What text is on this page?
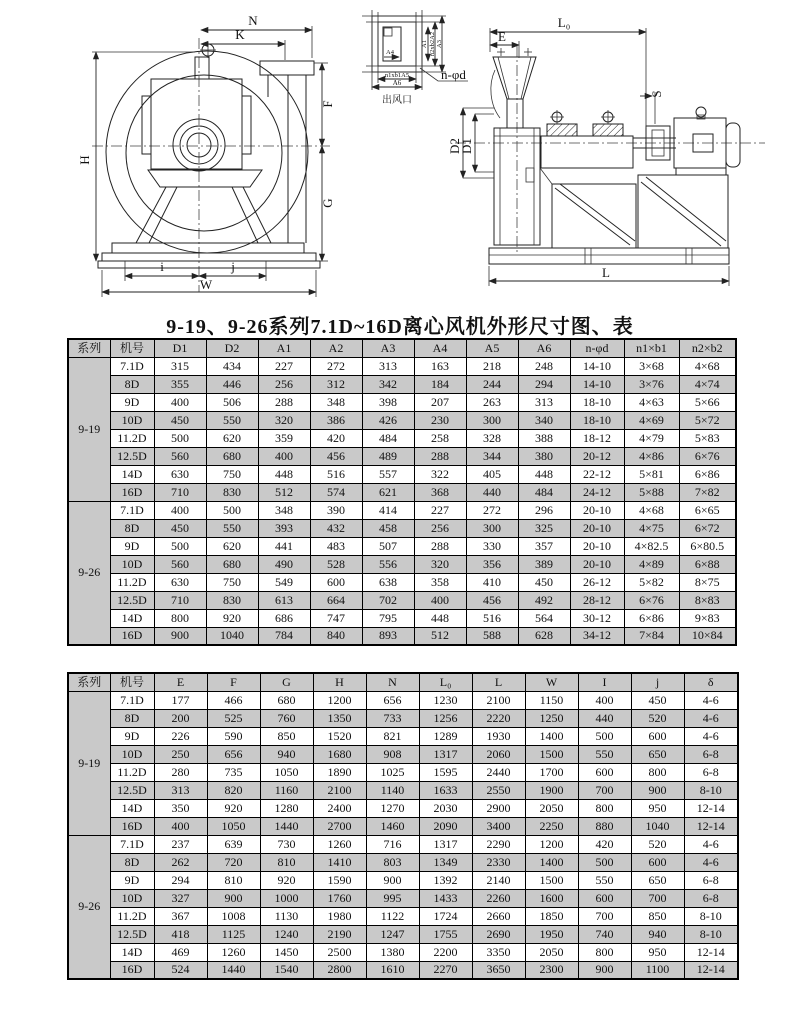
N
K
H
F
G
i	j
W
A1 n2xb2A2 A3
A4
n1xb1A5
A6
n-φd
出风口
L₀
E
S
D2
D1
L
9-19、9-26系列7.1D~16D离心风机外形尺寸图、表
系列	机号	D1	D2	A1	A2	A3	A4	A5	A6	n-φd	n1×b1	n2×b2
9-19	7.1D	315	434	227	272	313	163	218	248	14-10	3×68	4×68
	8D	355	446	256	312	342	184	244	294	14-10	3×76	4×74
	9D	400	506	288	348	398	207	263	313	18-10	4×63	5×66
	10D	450	550	320	386	426	230	300	340	18-10	4×69	5×72
	11.2D	500	620	359	420	484	258	328	388	18-12	4×79	5×83
	12.5D	560	680	400	456	489	288	344	380	20-12	4×86	6×76
	14D	630	750	448	516	557	322	405	448	22-12	5×81	6×86
	16D	710	830	512	574	621	368	440	484	24-12	5×88	7×82
9-26	7.1D	400	500	348	390	414	227	272	296	20-10	4×68	6×65
	8D	450	550	393	432	458	256	300	325	20-10	4×75	6×72
	9D	500	620	441	483	507	288	330	357	20-10	4×82.5	6×80.5
	10D	560	680	490	528	556	320	356	389	20-10	4×89	6×88
	11.2D	630	750	549	600	638	358	410	450	26-12	5×82	8×75
	12.5D	710	830	613	664	702	400	456	492	28-12	6×76	8×83
	14D	800	920	686	747	795	448	516	564	30-12	6×86	9×83
	16D	900	1040	784	840	893	512	588	628	34-12	7×84	10×84
系列	机号	E	F	G	H	N	L₀	L	W	I	j	δ
9-19	7.1D	177	466	680	1200	656	1230	2100	1150	400	450	4-6
	8D	200	525	760	1350	733	1256	2220	1250	440	520	4-6
	9D	226	590	850	1520	821	1289	1930	1400	500	600	4-6
	10D	250	656	940	1680	908	1317	2060	1500	550	650	6-8
	11.2D	280	735	1050	1890	1025	1595	2440	1700	600	800	6-8
	12.5D	313	820	1160	2100	1140	1633	2550	1900	700	900	8-10
	14D	350	920	1280	2400	1270	2030	2900	2050	800	950	12-14
	16D	400	1050	1440	2700	1460	2090	3400	2250	880	1040	12-14
9-26	7.1D	237	639	730	1260	716	1317	2290	1200	420	520	4-6
	8D	262	720	810	1410	803	1349	2330	1400	500	600	4-6
	9D	294	810	920	1590	900	1392	2140	1500	550	650	6-8
	10D	327	900	1000	1760	995	1433	2260	1600	600	700	6-8
	11.2D	367	1008	1130	1980	1122	1724	2660	1850	700	850	8-10
	12.5D	418	1125	1240	2190	1247	1755	2690	1950	740	940	8-10
	14D	469	1260	1450	2500	1380	2200	3350	2050	800	950	12-14
	16D	524	1440	1540	2800	1610	2270	3650	2300	900	1100	12-14
